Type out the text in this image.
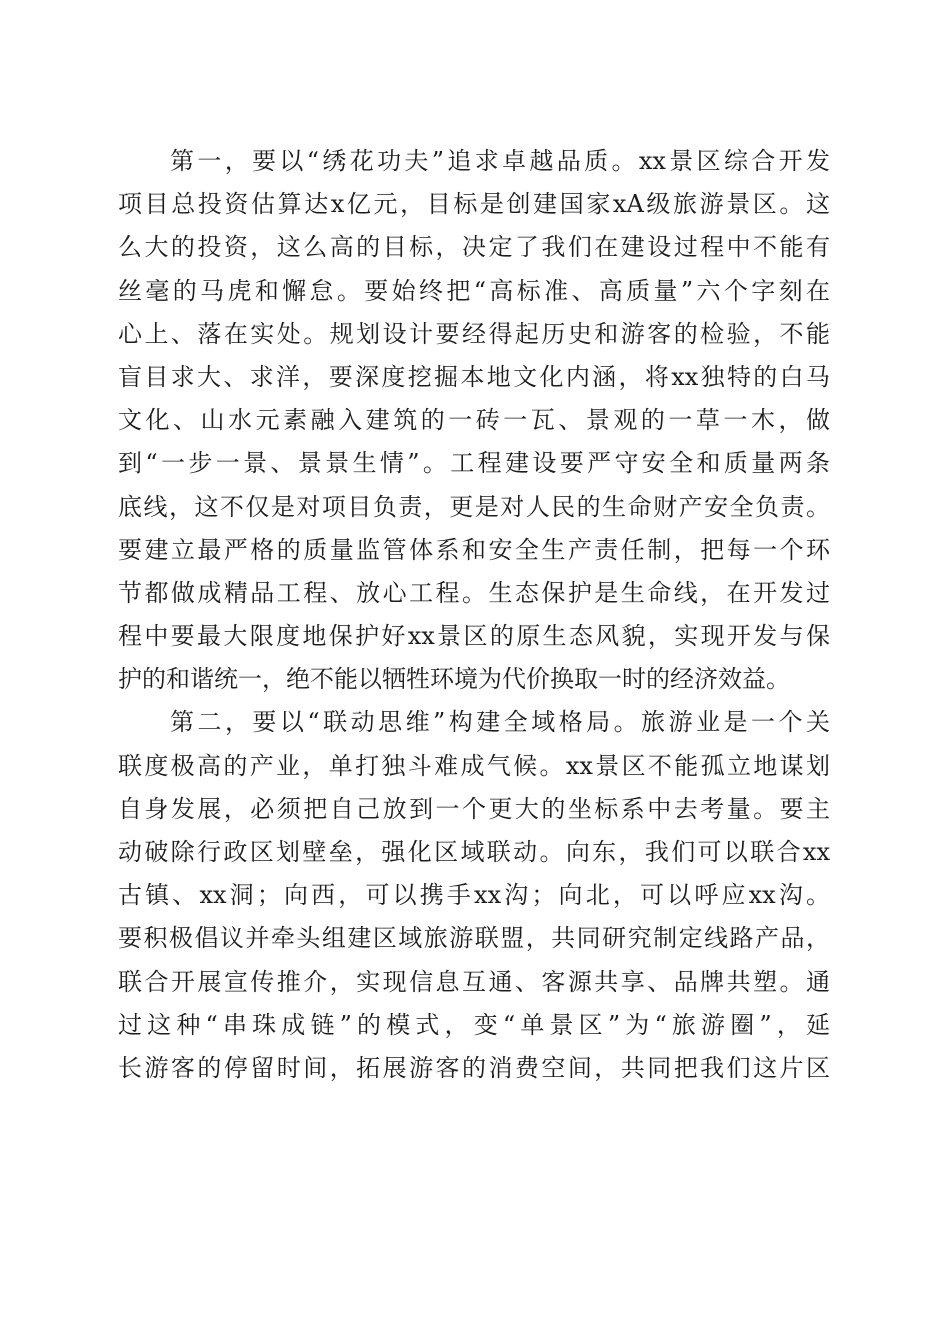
第一，要以“绣花功夫”追求卓越品质。xx景区综合开发
项目总投资估算达x亿元，目标是创建国家xA级旅游景区。这
么大的投资，这么高的目标，决定了我们在建设过程中不能有
丝毫的马虎和懈怠。要始终把“高标准、高质量”六个字刻在
心上、落在实处。规划设计要经得起历史和游客的检验，不能
盲目求大、求洋，要深度挖掘本地文化内涵，将xx独特的白马
文化、山水元素融入建筑的一砖一瓦、景观的一草一木，做
到“一步一景、景景生情”。工程建设要严守安全和质量两条
底线，这不仅是对项目负责，更是对人民的生命财产安全负责。
要建立最严格的质量监管体系和安全生产责任制，把每一个环
节都做成精品工程、放心工程。生态保护是生命线，在开发过
程中要最大限度地保护好xx景区的原生态风貌，实现开发与保
护的和谐统一，绝不能以牺牲环境为代价换取一时的经济效益。
第二，要以“联动思维”构建全域格局。旅游业是一个关
联度极高的产业，单打独斗难成气候。xx景区不能孤立地谋划
自身发展，必须把自己放到一个更大的坐标系中去考量。要主
动破除行政区划壁垒，强化区域联动。向东，我们可以联合xx
古镇、xx洞；向西，可以携手xx沟；向北，可以呼应xx沟。
要积极倡议并牵头组建区域旅游联盟，共同研究制定线路产品，
联合开展宣传推介，实现信息互通、客源共享、品牌共塑。通
过这种“串珠成链”的模式，变“单景区”为“旅游圈”，延
长游客的停留时间，拓展游客的消费空间，共同把我们这片区
